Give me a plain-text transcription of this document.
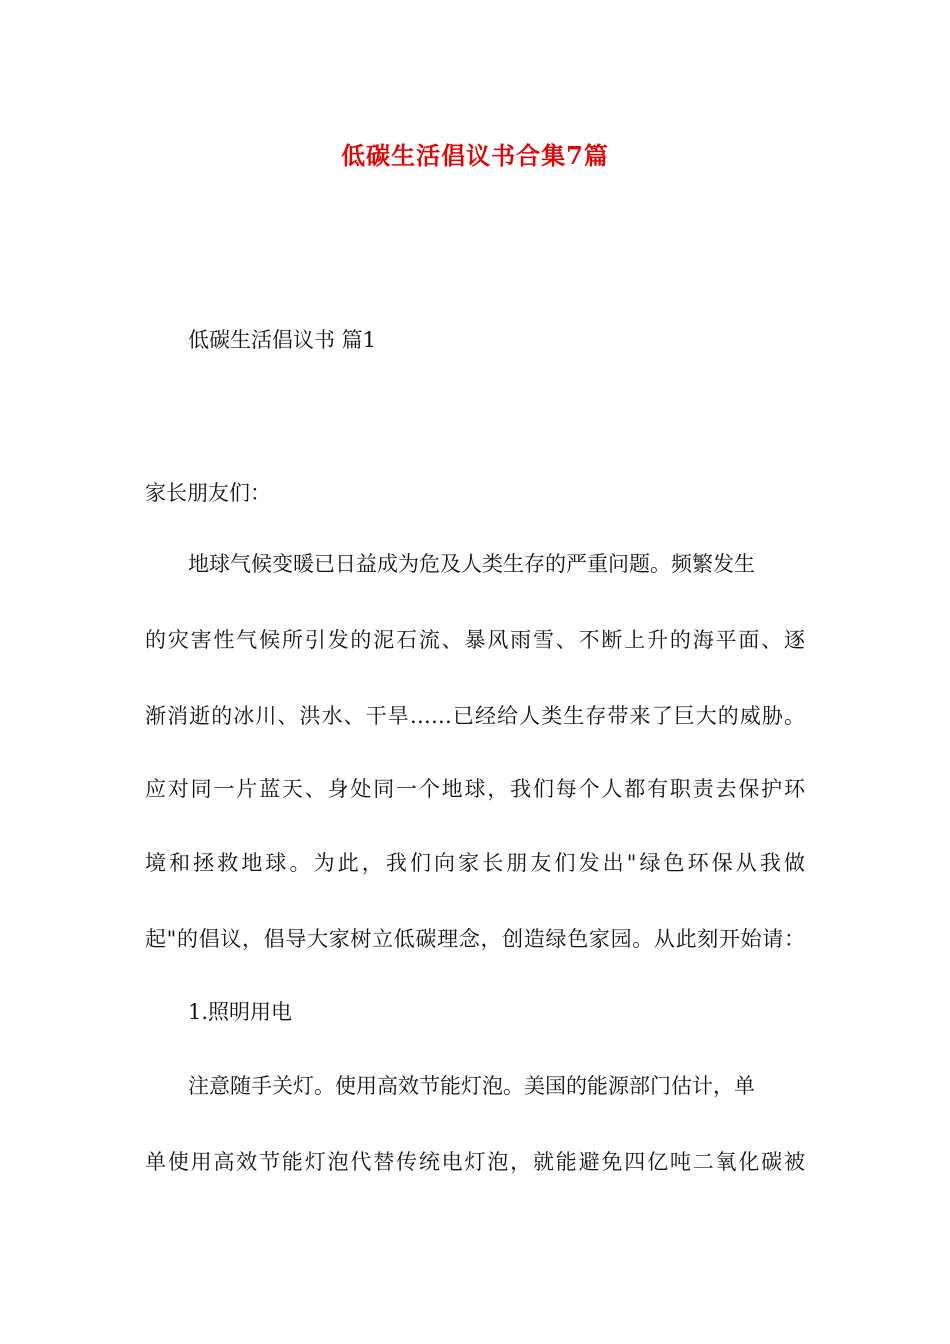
低碳生活倡议书合集7篇
低碳生活倡议书 篇1
家长朋友们：
地球气候变暖已日益成为危及人类生存的严重问题。频繁发生
的灾害性气候所引发的泥石流、暴风雨雪、不断上升的海平面、逐
渐消逝的冰川、洪水、干旱……已经给人类生存带来了巨大的威胁。
应对同一片蓝天、身处同一个地球，我们每个人都有职责去保护环
境和拯救地球。为此，我们向家长朋友们发出"绿色环保从我做
起"的倡议，倡导大家树立低碳理念，创造绿色家园。从此刻开始请：
1.照明用电
注意随手关灯。使用高效节能灯泡。美国的能源部门估计，单
单使用高效节能灯泡代替传统电灯泡，就能避免四亿吨二氧化碳被
